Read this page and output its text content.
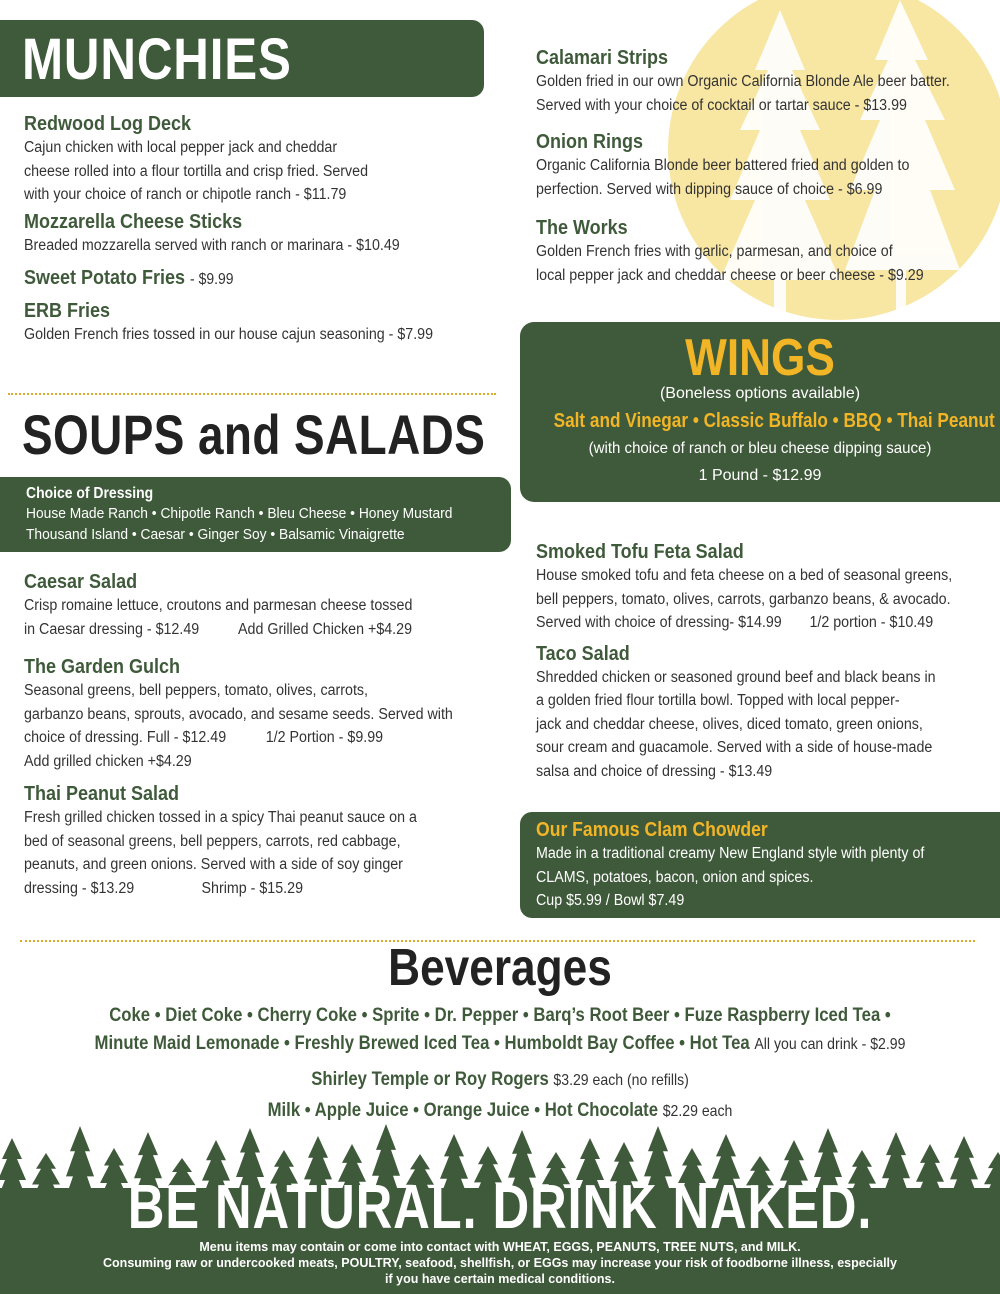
MUNCHIES
Redwood Log Deck
Cajun chicken with local pepper jack and cheddar
cheese rolled into a flour tortilla and crisp fried. Served
with your choice of ranch or chipotle ranch - $11.79
Mozzarella Cheese Sticks
Breaded mozzarella served with ranch or marinara - $10.49
Sweet Potato Fries - $9.99
ERB Fries
Golden French fries tossed in our house cajun seasoning - $7.99
Calamari Strips
Golden fried in our own Organic California Blonde Ale beer batter.
Served with your choice of cocktail or tartar sauce - $13.99
Onion Rings
Organic California Blonde beer battered fried and golden to
perfection. Served with dipping sauce of choice - $6.99
The Works
Golden French fries with garlic, parmesan, and choice of
local pepper jack and cheddar cheese or beer cheese - $9.29
WINGS
(Boneless options available)
Salt and Vinegar • Classic Buffalo • BBQ • Thai Peanut
(with choice of ranch or bleu cheese dipping sauce)
1 Pound - $12.99
SOUPS and SALADS
Choice of Dressing
House Made Ranch • Chipotle Ranch • Bleu Cheese • Honey Mustard
Thousand Island • Caesar • Ginger Soy • Balsamic Vinaigrette
Caesar Salad
Crisp romaine lettuce, croutons and parmesan cheese tossed
in Caesar dressing - $12.49          Add Grilled Chicken +$4.29
The Garden Gulch
Seasonal greens, bell peppers, tomato, olives, carrots,
garbanzo beans, sprouts, avocado, and sesame seeds. Served with
choice of dressing. Full - $12.49          1/2 Portion - $9.99
Add grilled chicken +$4.29
Thai Peanut Salad
Fresh grilled chicken tossed in a spicy Thai peanut sauce on a
bed of seasonal greens, bell peppers, carrots, red cabbage,
peanuts, and green onions. Served with a side of soy ginger
dressing - $13.29                 Shrimp - $15.29
Smoked Tofu Feta Salad
House smoked tofu and feta cheese on a bed of seasonal greens,
bell peppers, tomato, olives, carrots, garbanzo beans, & avocado.
Served with choice of dressing- $14.99       1/2 portion - $10.49
Taco Salad
Shredded chicken or seasoned ground beef and black beans in
a golden fried flour tortilla bowl. Topped with local pepper-
jack and cheddar cheese, olives, diced tomato, green onions,
sour cream and guacamole. Served with a side of house-made
salsa and choice of dressing - $13.49
Our Famous Clam Chowder
Made in a traditional creamy New England style with plenty of
CLAMS, potatoes, bacon, onion and spices.
Cup $5.99 / Bowl $7.49
Beverages
Coke • Diet Coke • Cherry Coke • Sprite • Dr. Pepper • Barq’s Root Beer • Fuze Raspberry Iced Tea •
Minute Maid Lemonade • Freshly Brewed Iced Tea • Humboldt Bay Coffee • Hot Tea All you can drink - $2.99
Shirley Temple or Roy Rogers $3.29 each (no refills)
Milk • Apple Juice • Orange Juice • Hot Chocolate $2.29 each
BE NATURAL. DRINK NAKED.
Menu items may contain or come into contact with WHEAT, EGGS, PEANUTS, TREE NUTS, and MILK.
Consuming raw or undercooked meats, POULTRY, seafood, shellfish, or EGGs may increase your risk of foodborne illness, especially
if you have certain medical conditions.
